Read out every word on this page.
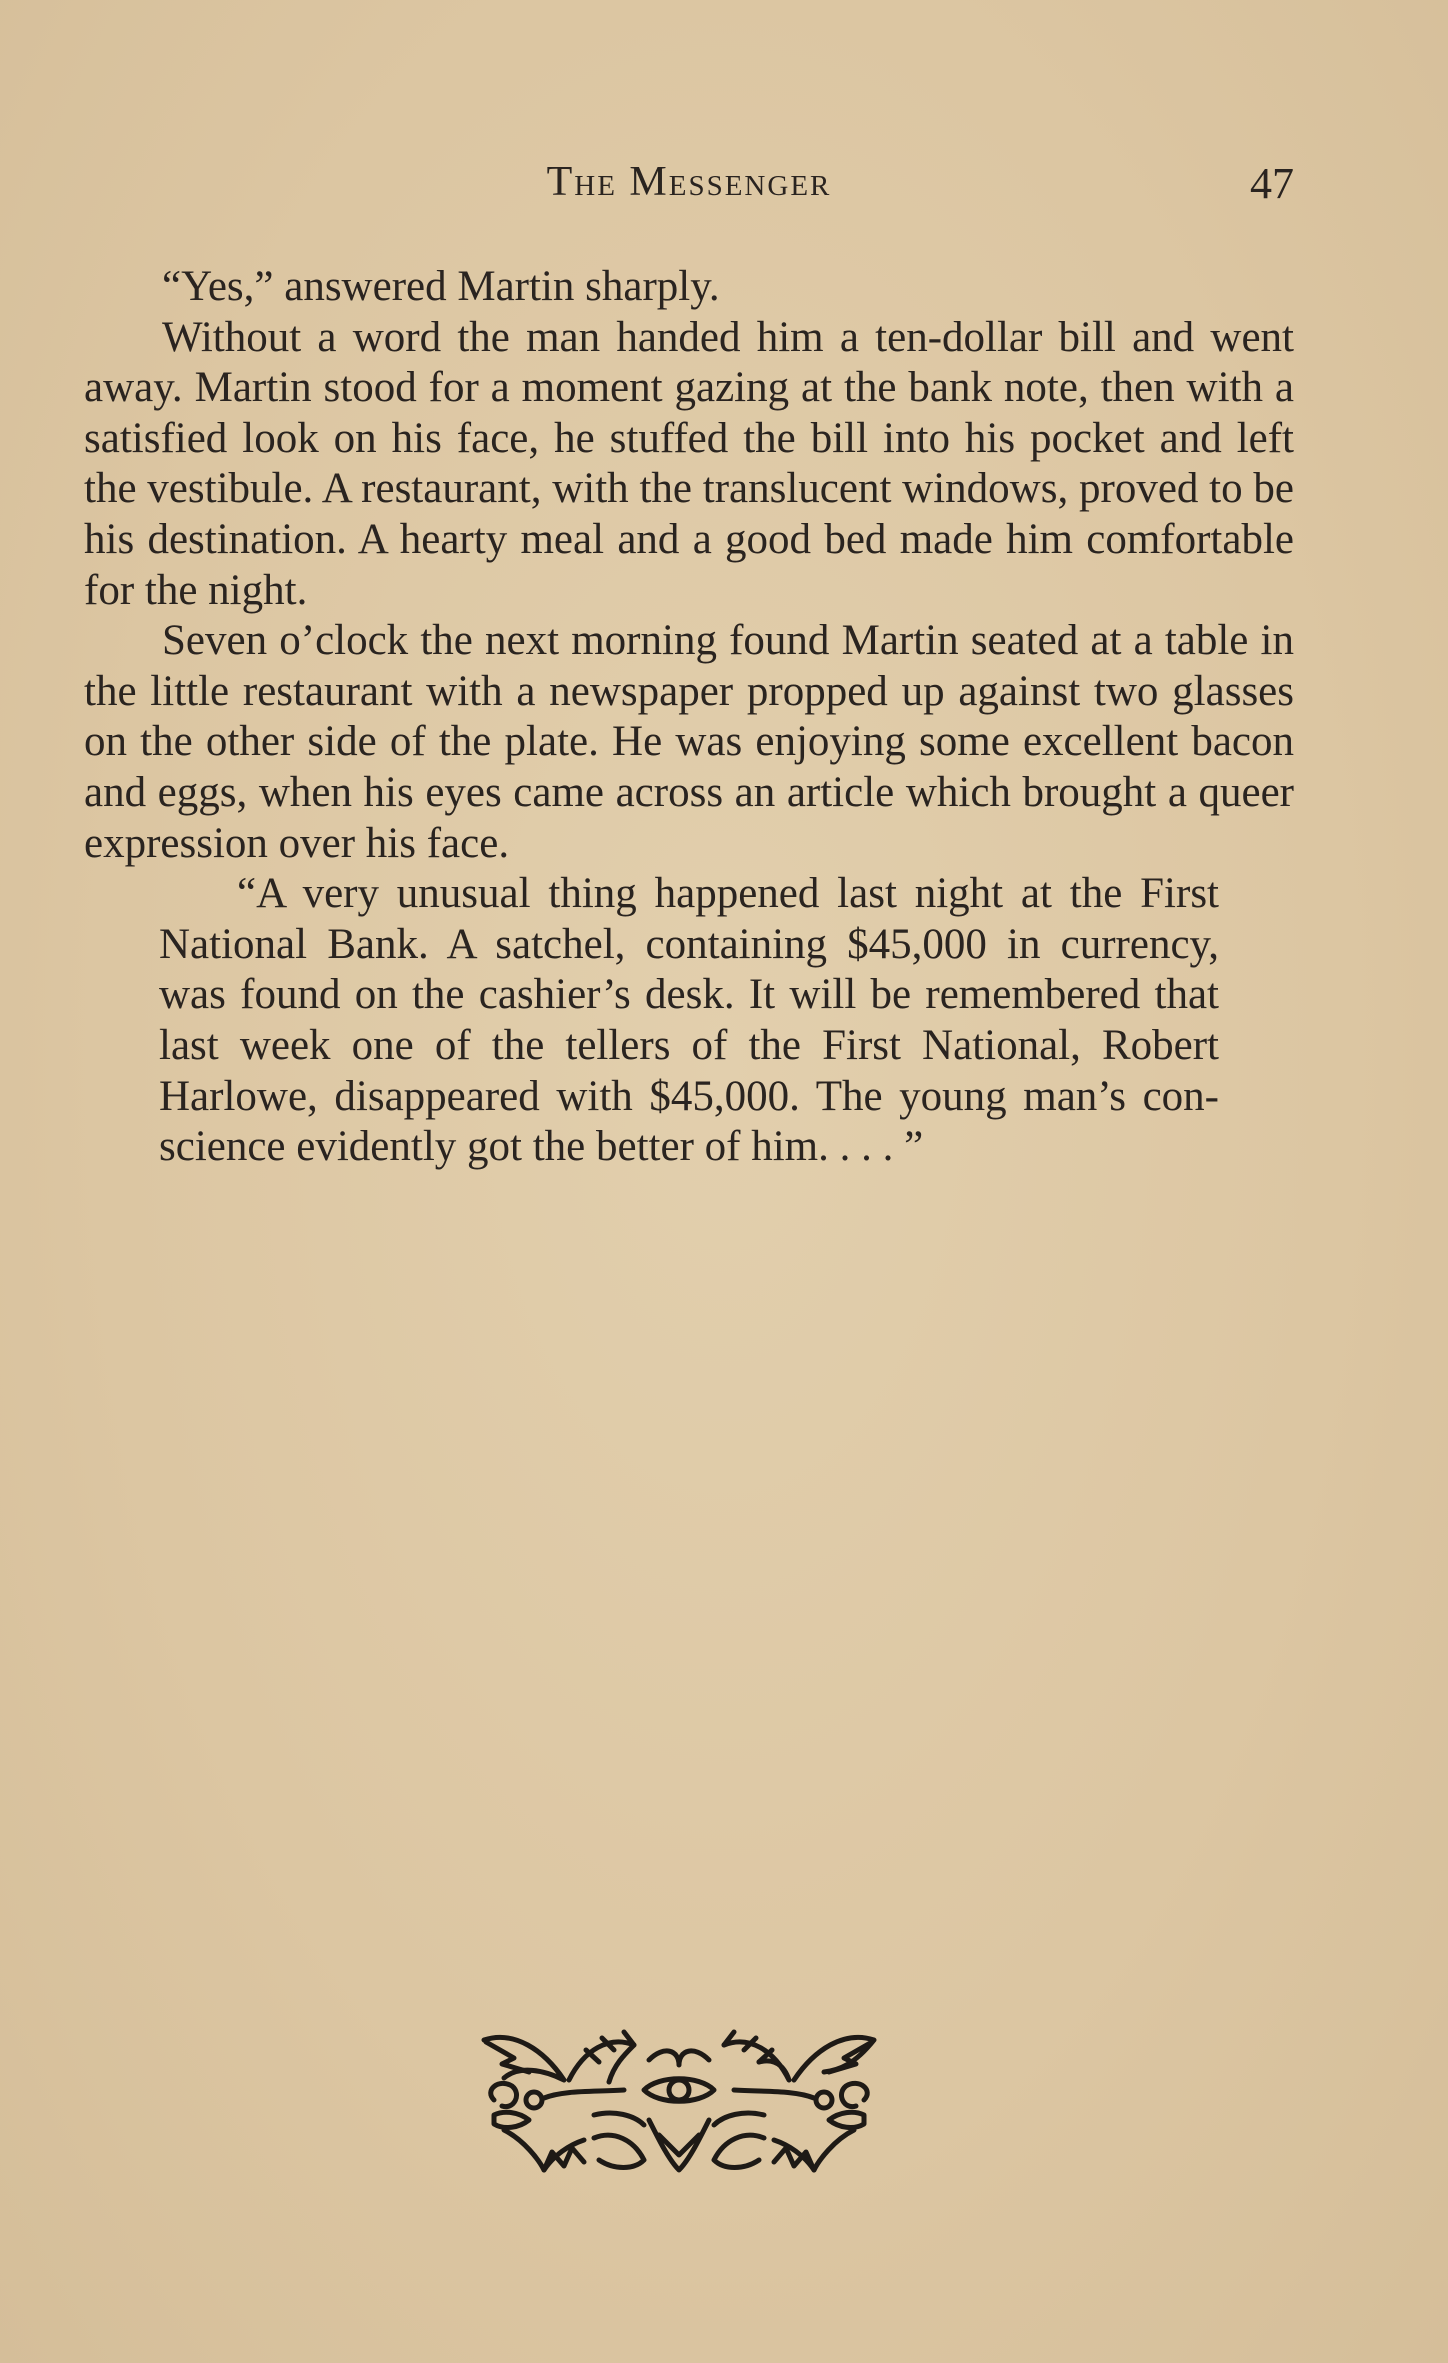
The Messenger	47

“Yes,” answered Martin sharply.

Without a word the man handed him a ten-dollar bill and went away. Martin stood for a moment gazing at the bank note, then with a satisfied look on his face, he stuffed the bill into his pocket and left the vestibule. A restaurant, with the translucent windows, proved to be his destination. A hearty meal and a good bed made him comfortable for the night.

Seven o’clock the next morning found Martin seated at a table in the little restaurant with a newspaper propped up against two glasses on the other side of the plate. He was enjoying some excellent bacon and eggs, when his eyes came across an article which brought a queer expression over his face.

“A very unusual thing happened last night at the First National Bank. A satchel, containing $45,000 in currency, was found on the cashier’s desk. It will be remembered that last week one of the tellers of the First National, Robert Harlowe, disappeared with $45,000. The young man’s con-science evidently got the better of him. . . . ”
